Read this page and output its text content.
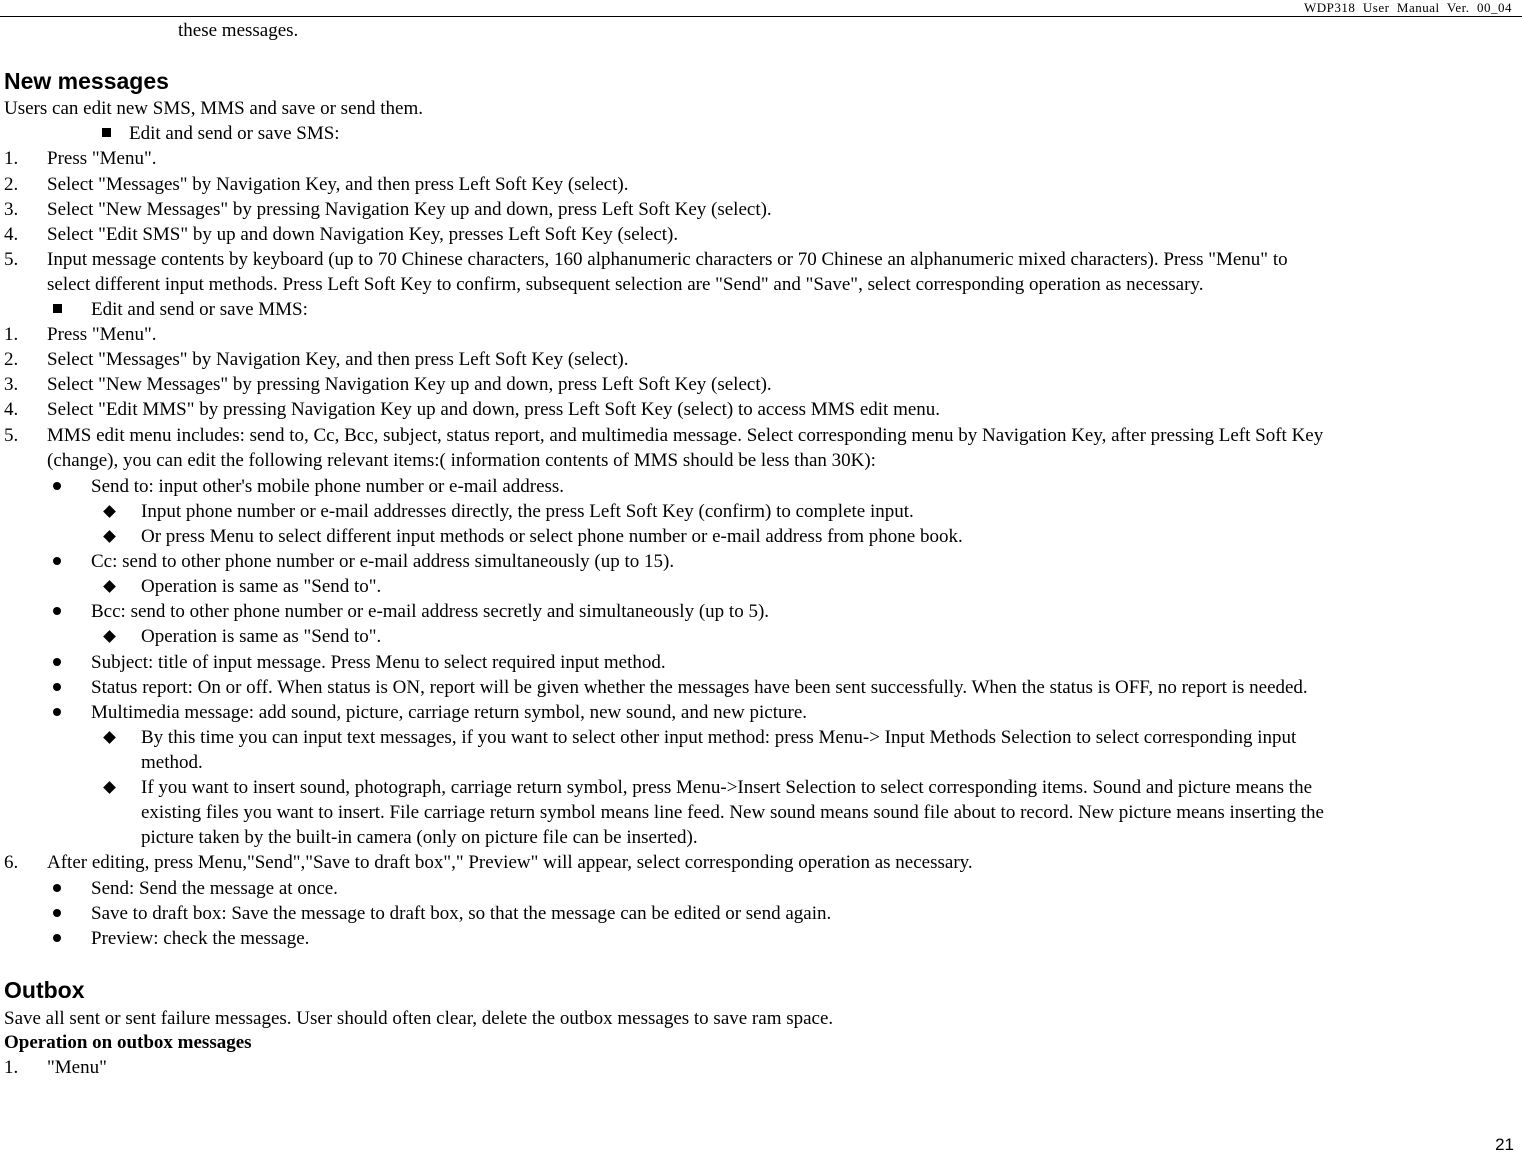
WDP318  User  Manual  Ver.  00_04
these messages.
New messages
Users can edit new SMS, MMS and save or send them.
Edit and send or save SMS:
1. Press "Menu".
2. Select "Messages" by Navigation Key, and then press Left Soft Key (select).
3. Select "New Messages" by pressing Navigation Key up and down, press Left Soft Key (select).
4. Select "Edit SMS" by up and down Navigation Key, presses Left Soft Key (select).
5. Input message contents by keyboard (up to 70 Chinese characters, 160 alphanumeric characters or 70 Chinese an alphanumeric mixed characters). Press "Menu" to
select different input methods. Press Left Soft Key to confirm, subsequent selection are "Send" and "Save", select corresponding operation as necessary.
Edit and send or save MMS:
1. Press "Menu".
2. Select "Messages" by Navigation Key, and then press Left Soft Key (select).
3. Select "New Messages" by pressing Navigation Key up and down, press Left Soft Key (select).
4. Select "Edit MMS" by pressing Navigation Key up and down, press Left Soft Key (select) to access MMS edit menu.
5. MMS edit menu includes: send to, Cc, Bcc, subject, status report, and multimedia message. Select corresponding menu by Navigation Key, after pressing Left Soft Key
(change), you can edit the following relevant items:( information contents of MMS should be less than 30K):
Send to: input other's mobile phone number or e-mail address.
Input phone number or e-mail addresses directly, the press Left Soft Key (confirm) to complete input.
Or press Menu to select different input methods or select phone number or e-mail address from phone book.
Cc: send to other phone number or e-mail address simultaneously (up to 15).
Operation is same as "Send to".
Bcc: send to other phone number or e-mail address secretly and simultaneously (up to 5).
Operation is same as "Send to".
Subject: title of input message. Press Menu to select required input method.
Status report: On or off. When status is ON, report will be given whether the messages have been sent successfully. When the status is OFF, no report is needed.
Multimedia message: add sound, picture, carriage return symbol, new sound, and new picture.
By this time you can input text messages, if you want to select other input method: press Menu-> Input Methods Selection to select corresponding input
method.
If you want to insert sound, photograph, carriage return symbol, press Menu->Insert Selection to select corresponding items. Sound and picture means the
existing files you want to insert. File carriage return symbol means line feed. New sound means sound file about to record. New picture means inserting the
picture taken by the built-in camera (only on picture file can be inserted).
6. After editing, press Menu,"Send","Save to draft box"," Preview" will appear, select corresponding operation as necessary.
Send: Send the message at once.
Save to draft box: Save the message to draft box, so that the message can be edited or send again.
Preview: check the message.
Outbox
Save all sent or sent failure messages. User should often clear, delete the outbox messages to save ram space.
Operation on outbox messages
1. "Menu"
21
